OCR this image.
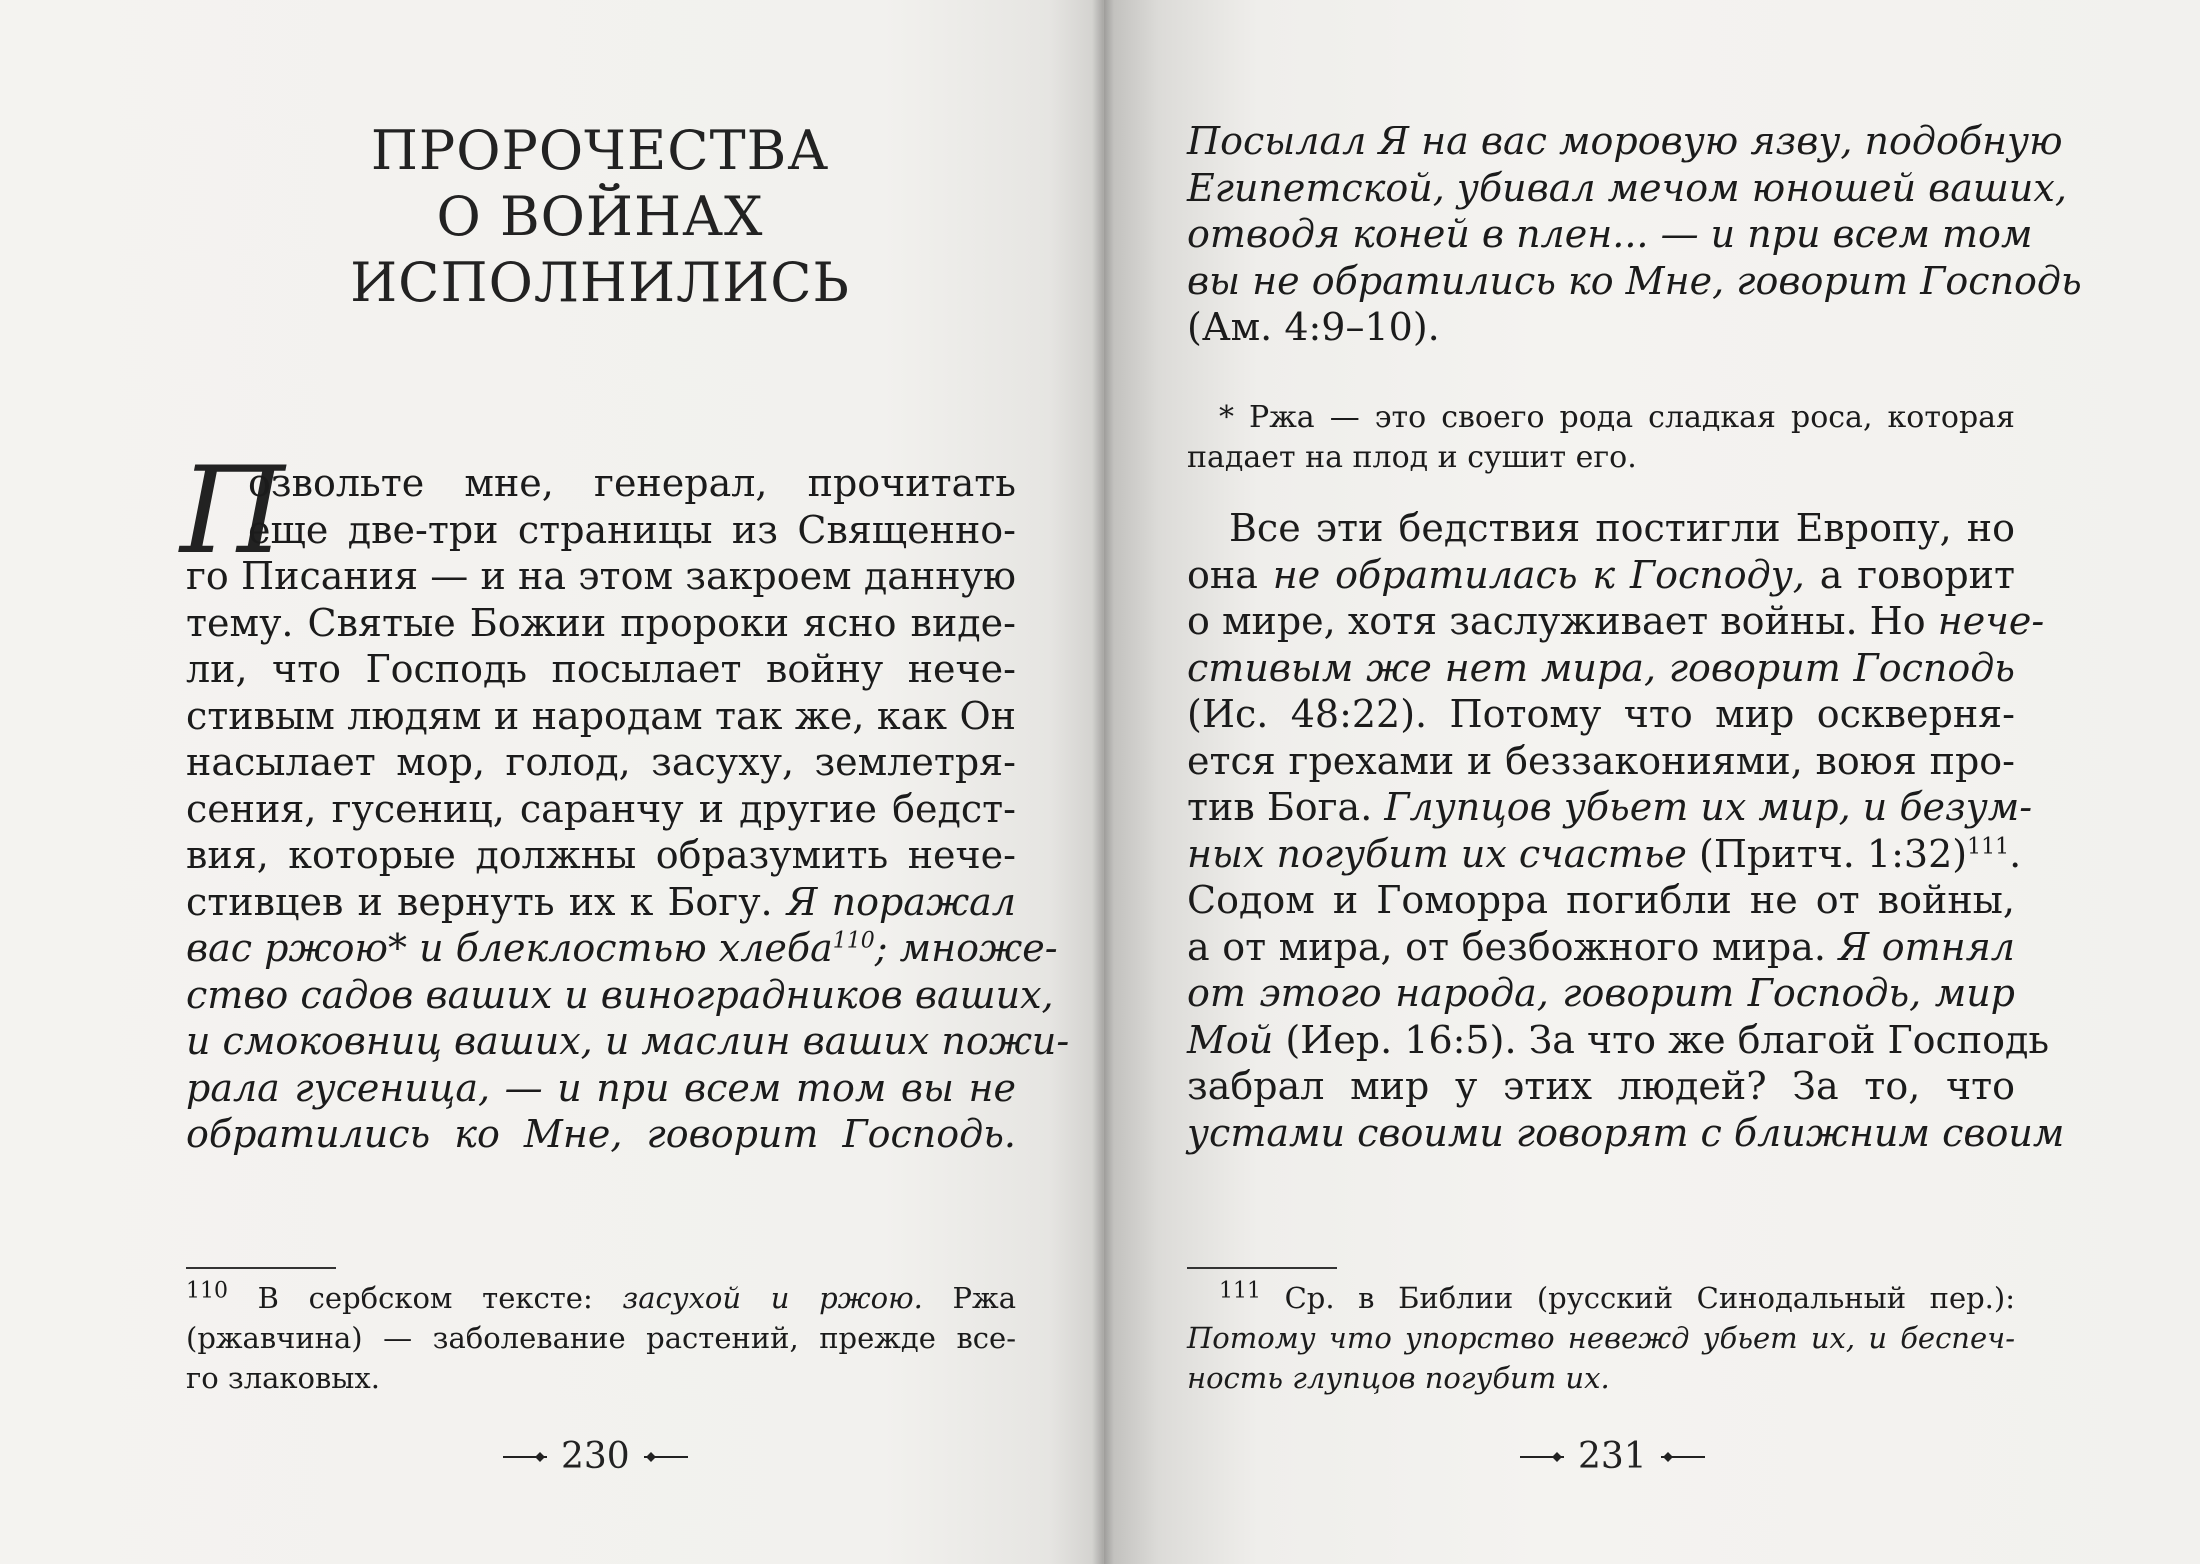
ПРОРОЧЕСТВА
О ВОЙНАХ
ИСПОЛНИЛИСЬ
П
озвольте мне, генерал, прочитать
еще две-три страницы из Священно-
го Писания — и на этом закроем данную
тему. Святые Божии пророки ясно виде-
ли, что Господь посылает войну нече-
стивым людям и народам так же, как Он
насылает мор, голод, засуху, землетря-
сения, гусениц, саранчу и другие бедст-
вия, которые должны образумить нече-
стивцев и вернуть их к Богу. Я поражал
вас ржою* и блеклостью хлеба$^{110}$; множе-
ство садов ваших и виноградников ваших,
и смоковниц ваших, и маслин ваших пожи-
рала гусеница, — и при всем том вы не
обратились ко Мне, говорит Господь.
$^{110}$ В сербском тексте: засухой и ржою. Ржа
(ржавчина) — заболевание растений, прежде все-
го злаковых.
230
Посылал Я на вас моровую язву, подобную
Египетской, убивал мечом юношей ваших,
отводя коней в плен... — и при всем том
вы не обратились ко Мне, говорит Господь
(Ам. 4:9–10).
* Ржа — это своего рода сладкая роса, которая
падает на плод и сушит его.
Все эти бедствия постигли Европу, но
она не обратилась к Господу, а говорит
о мире, хотя заслуживает войны. Но нече-
стивым же нет мира, говорит Господь
(Ис. 48:22). Потому что мир оскверня-
ется грехами и беззакониями, воюя про-
тив Бога. Глупцов убьет их мир, и безум-
ных погубит их счастье (Притч. 1:32)$^{111}$.
Содом и Гоморра погибли не от войны,
а от мира, от безбожного мира. Я отнял
от этого народа, говорит Господь, мир
Мой (Иер. 16:5). За что же благой Господь
забрал мир у этих людей? За то, что
устами своими говорят с ближним своим
$^{111}$ Ср. в Библии (русский Синодальный пер.):
Потому что упорство невежд убьет их, и беспеч-
ность глупцов погубит их.
231
